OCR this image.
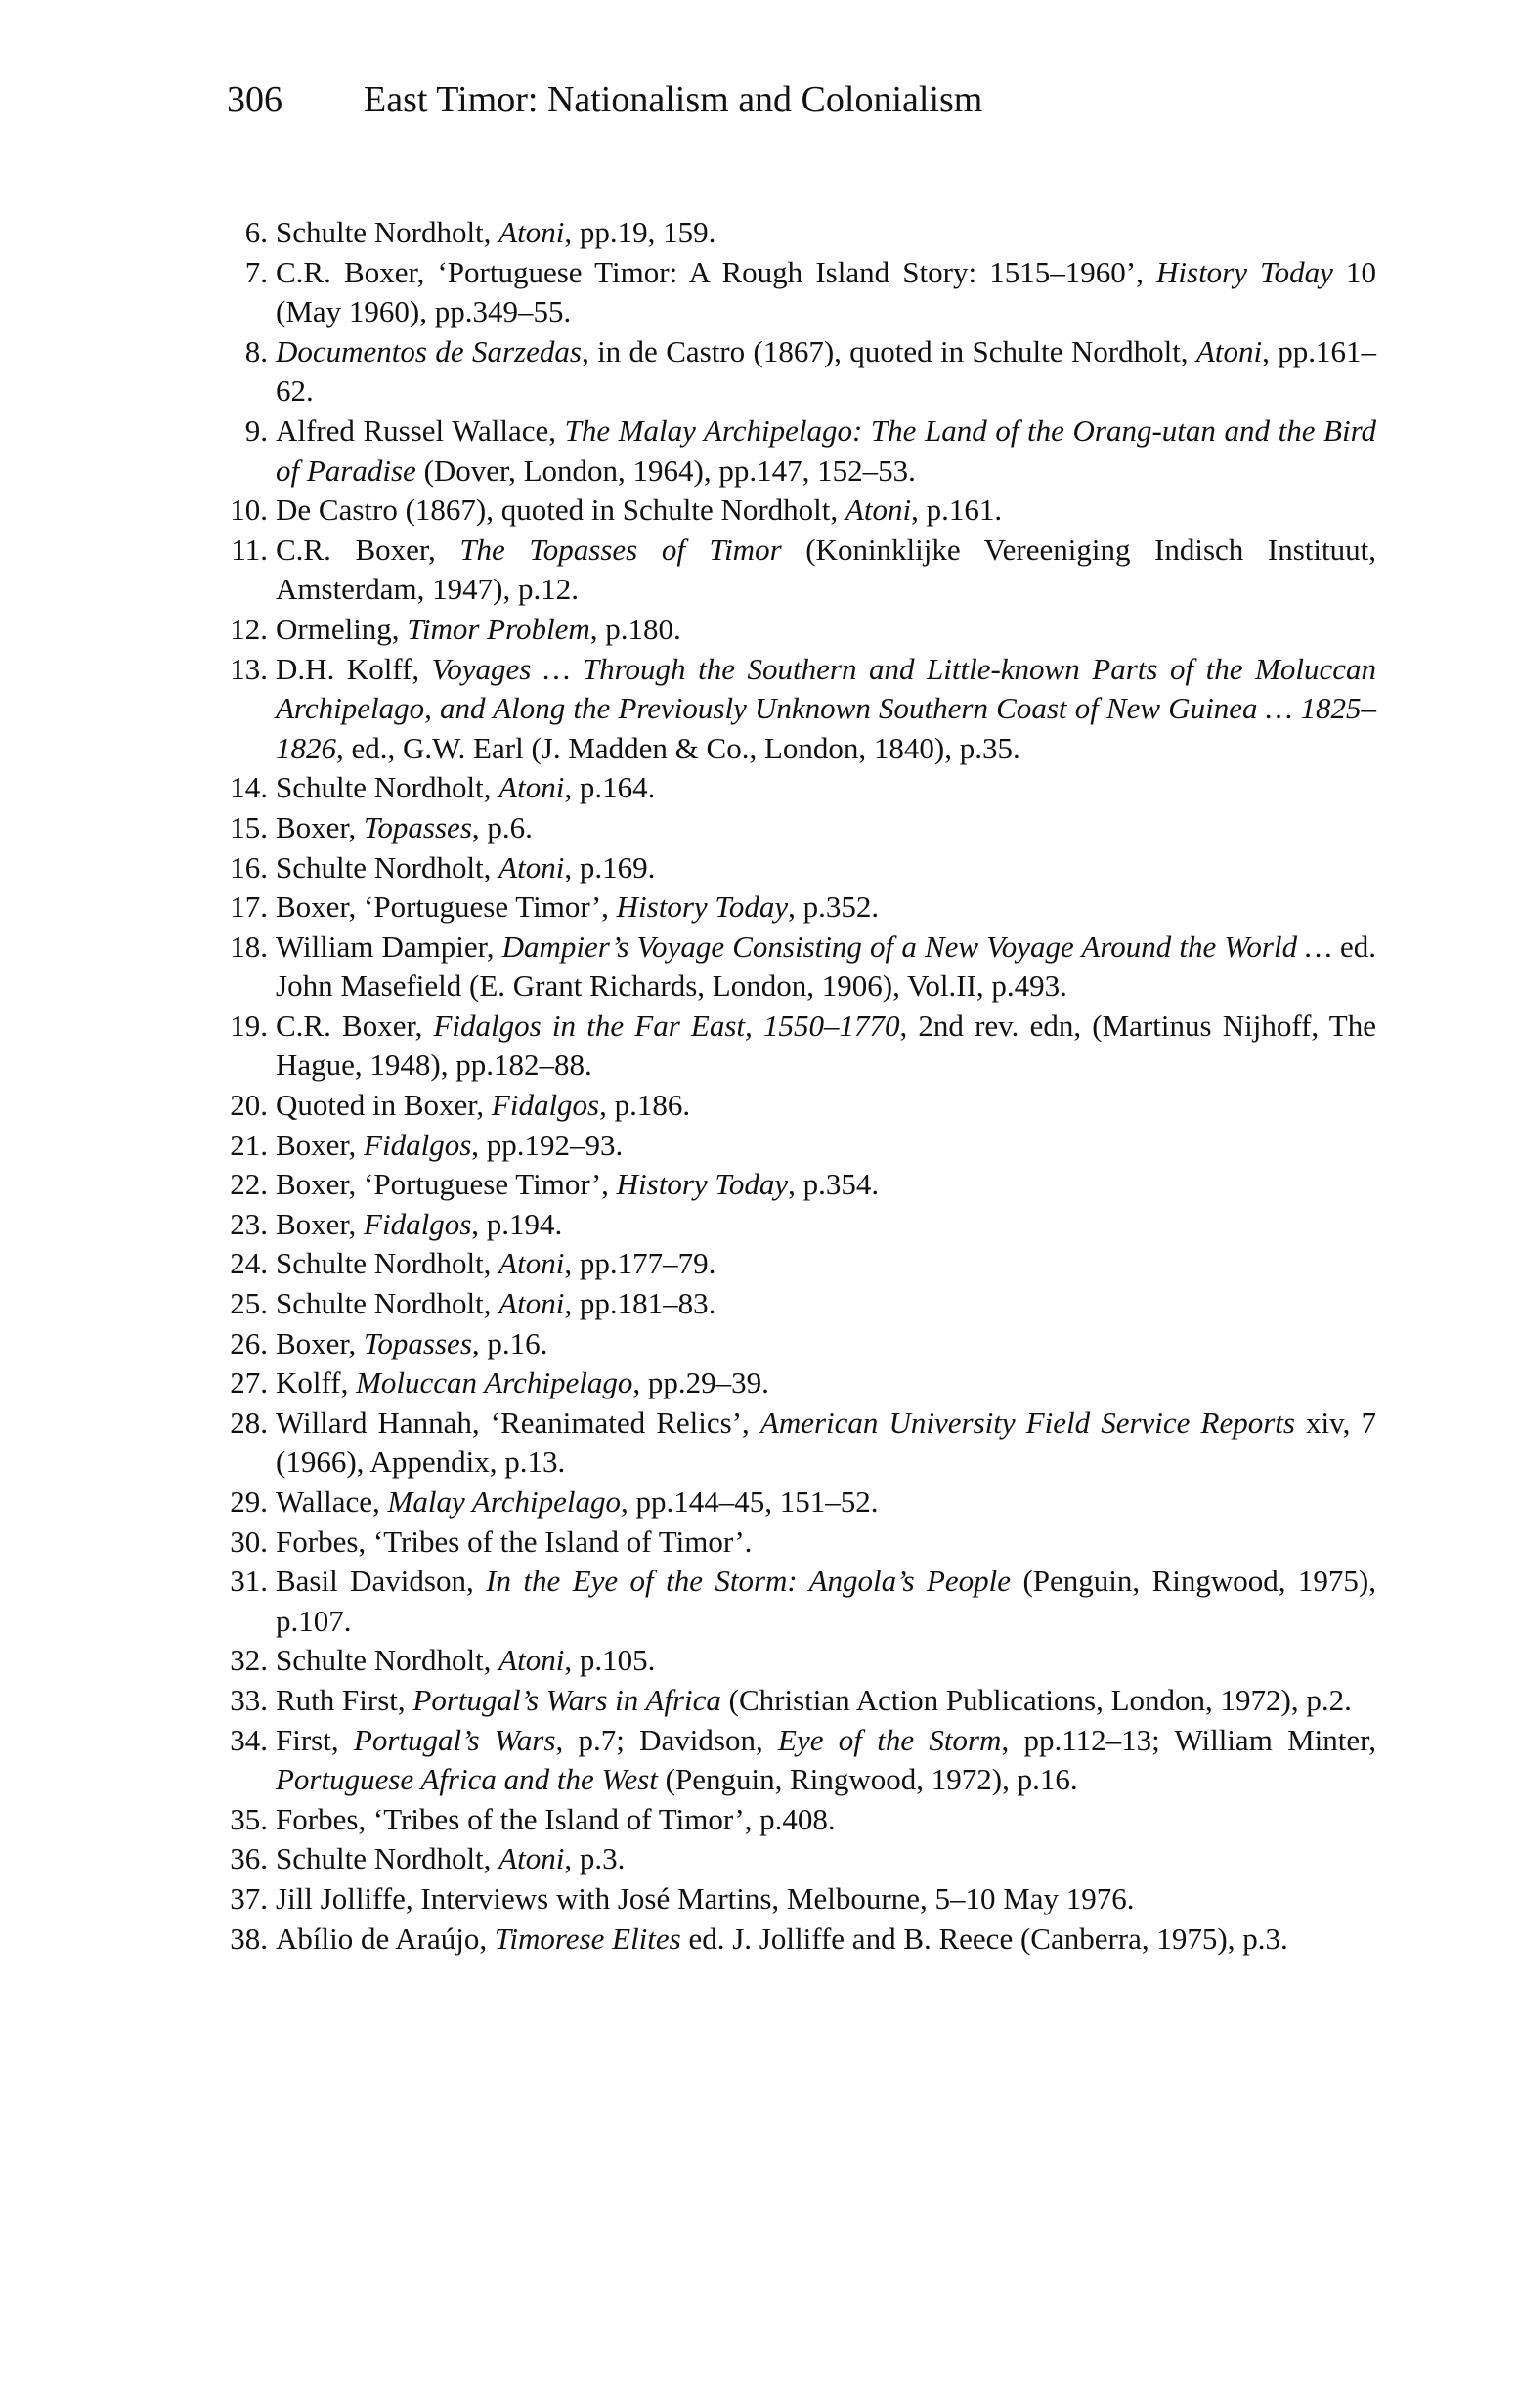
306 East Timor: Nationalism and Colonialism
6. Schulte Nordholt, Atoni, pp.19, 159.
7. C.R. Boxer, ‘Portuguese Timor: A Rough Island Story: 1515–1960’, History Today 10 (May 1960), pp.349–55.
8. Documentos de Sarzedas, in de Castro (1867), quoted in Schulte Nordholt, Atoni, pp.161–62.
9. Alfred Russel Wallace, The Malay Archipelago: The Land of the Orang-utan and the Bird of Paradise (Dover, London, 1964), pp.147, 152–53.
10. De Castro (1867), quoted in Schulte Nordholt, Atoni, p.161.
11. C.R. Boxer, The Topasses of Timor (Koninklijke Vereeniging Indisch Instituut, Amsterdam, 1947), p.12.
12. Ormeling, Timor Problem, p.180.
13. D.H. Kolff, Voyages … Through the Southern and Little-known Parts of the Moluccan Archipelago, and Along the Previously Unknown Southern Coast of New Guinea … 1825–1826, ed., G.W. Earl (J. Madden & Co., London, 1840), p.35.
14. Schulte Nordholt, Atoni, p.164.
15. Boxer, Topasses, p.6.
16. Schulte Nordholt, Atoni, p.169.
17. Boxer, ‘Portuguese Timor’, History Today, p.352.
18. William Dampier, Dampier’s Voyage Consisting of a New Voyage Around the World … ed. John Masefield (E. Grant Richards, London, 1906), Vol.II, p.493.
19. C.R. Boxer, Fidalgos in the Far East, 1550–1770, 2nd rev. edn, (Martinus Nijhoff, The Hague, 1948), pp.182–88.
20. Quoted in Boxer, Fidalgos, p.186.
21. Boxer, Fidalgos, pp.192–93.
22. Boxer, ‘Portuguese Timor’, History Today, p.354.
23. Boxer, Fidalgos, p.194.
24. Schulte Nordholt, Atoni, pp.177–79.
25. Schulte Nordholt, Atoni, pp.181–83.
26. Boxer, Topasses, p.16.
27. Kolff, Moluccan Archipelago, pp.29–39.
28. Willard Hannah, ‘Reanimated Relics’, American University Field Service Reports xiv, 7 (1966), Appendix, p.13.
29. Wallace, Malay Archipelago, pp.144–45, 151–52.
30. Forbes, ‘Tribes of the Island of Timor’.
31. Basil Davidson, In the Eye of the Storm: Angola’s People (Penguin, Ringwood, 1975), p.107.
32. Schulte Nordholt, Atoni, p.105.
33. Ruth First, Portugal’s Wars in Africa (Christian Action Publications, London, 1972), p.2.
34. First, Portugal’s Wars, p.7; Davidson, Eye of the Storm, pp.112–13; William Minter, Portuguese Africa and the West (Penguin, Ringwood, 1972), p.16.
35. Forbes, ‘Tribes of the Island of Timor’, p.408.
36. Schulte Nordholt, Atoni, p.3.
37. Jill Jolliffe, Interviews with José Martins, Melbourne, 5–10 May 1976.
38. Abílio de Araújo, Timorese Elites ed. J. Jolliffe and B. Reece (Canberra, 1975), p.3.
